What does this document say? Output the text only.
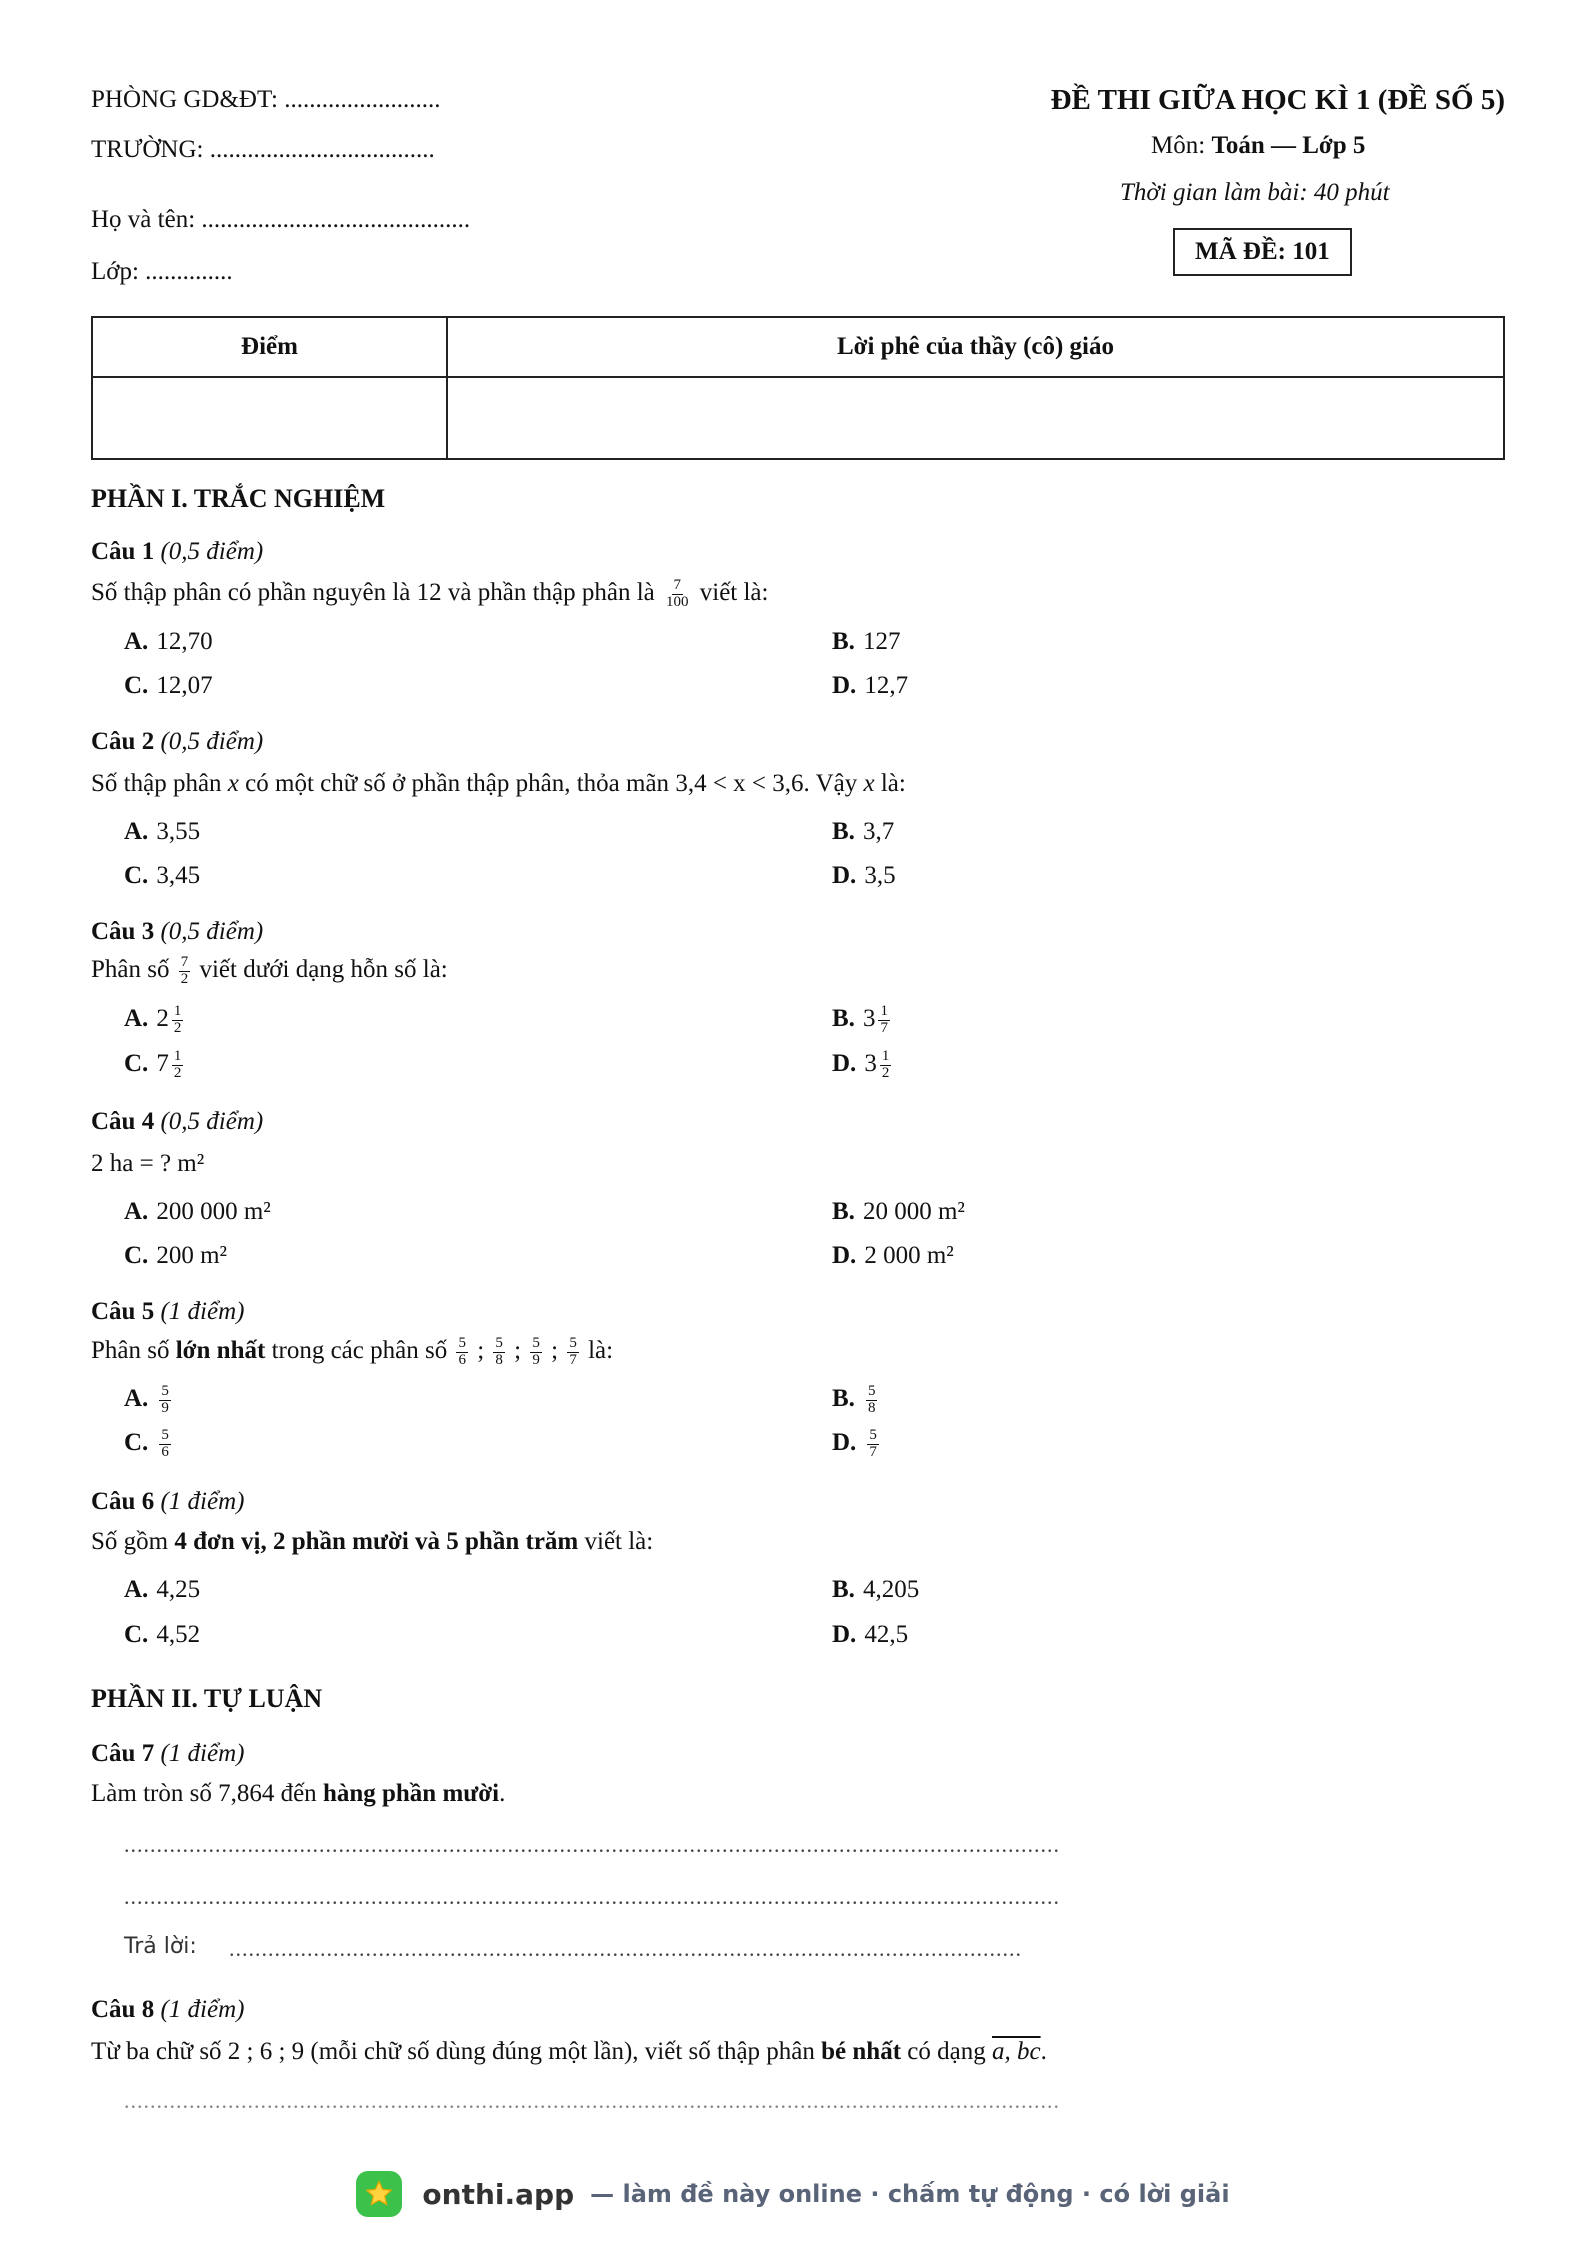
PHÒNG GD&ĐT: .........................
TRƯỜNG: ....................................
Họ và tên: ...........................................
Lớp: ..............
ĐỀ THI GIỮA HỌC KÌ 1 (ĐỀ SỐ 5)
Môn: Toán — Lớp 5
Thời gian làm bài: 40 phút
MÃ ĐỀ: 101
Điểm	Lời phê của thầy (cô) giáo

PHẦN I. TRẮC NGHIỆM
Câu 1 (0,5 điểm)
Số thập phân có phần nguyên là 12 và phần thập phân là $\frac{7}{100}$ viết là:
A. 12,70	B. 127
C. 12,07	D. 12,7
Câu 2 (0,5 điểm)
Số thập phân x có một chữ số ở phần thập phân, thỏa mãn 3,4 < x < 3,6. Vậy x là:
A. 3,55	B. 3,7
C. 3,45	D. 3,5
Câu 3 (0,5 điểm)
Phân số $\frac{7}{2}$ viết dưới dạng hỗn số là:
A. $2 \frac{1}{2}$	B. $3 \frac{1}{7}$
C. $7 \frac{1}{2}$	D. $3 \frac{1}{2}$
Câu 4 (0,5 điểm)
2 ha = ? m²
A. 200 000 m²	B. 20 000 m²
C. 200 m²	D. 2 000 m²
Câu 5 (1 điểm)
Phân số lớn nhất trong các phân số $\frac{5}{6}$ ; $\frac{5}{8}$ ; $\frac{5}{9}$ ; $\frac{5}{7}$ là:
A. $\frac{5}{9}$	B. $\frac{5}{8}$
C. $\frac{5}{6}$	D. $\frac{5}{7}$
Câu 6 (1 điểm)
Số gồm 4 đơn vị, 2 phần mười và 5 phần trăm viết là:
A. 4,25	B. 4,205
C. 4,52	D. 42,5
PHẦN II. TỰ LUẬN
Câu 7 (1 điểm)
Làm tròn số 7,864 đến hàng phần mười.
................................................................................................................................................
................................................................................................................................................
Trả lời: ..........................................................................................................................
Câu 8 (1 điểm)
Từ ba chữ số 2 ; 6 ; 9 (mỗi chữ số dùng đúng một lần), viết số thập phân bé nhất có dạng a, bc.
................................................................................................................................................
onthi.app — làm đề này online · chấm tự động · có lời giải
